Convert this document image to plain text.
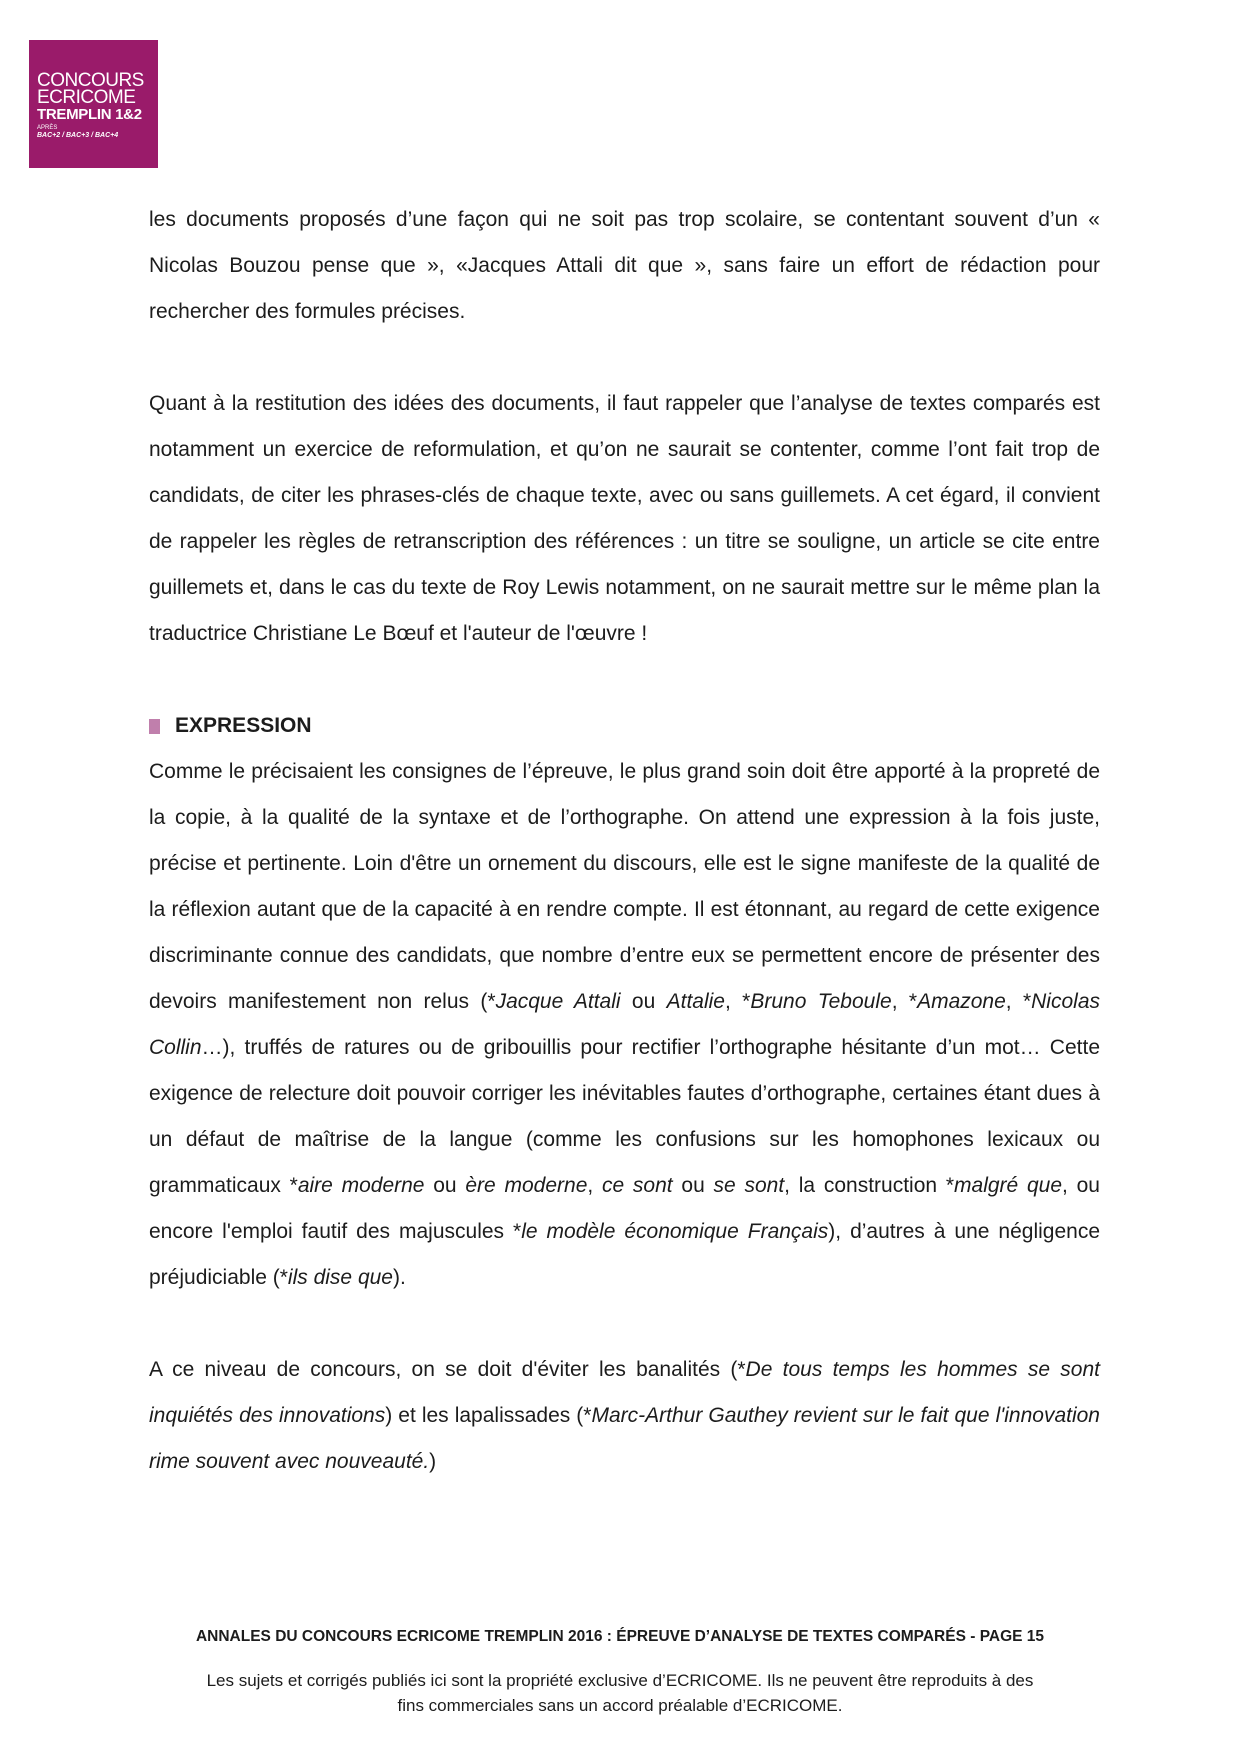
CONCOURS
ECRICOME
TREMPLIN 1&2
APRÈS
BAC+2 / BAC+3 / BAC+4

les documents proposés d’une façon qui ne soit pas trop scolaire, se contentant souvent d’un « Nicolas Bouzou pense que », «Jacques Attali dit que », sans faire un effort de rédaction pour rechercher des formules précises.

Quant à la restitution des idées des documents, il faut rappeler que l’analyse de textes comparés est notamment un exercice de reformulation, et qu’on ne saurait se contenter, comme l’ont fait trop de candidats, de citer les phrases-clés de chaque texte, avec ou sans guillemets. A cet égard, il convient de rappeler les règles de retranscription des références : un titre se souligne, un article se cite entre guillemets et, dans le cas du texte de Roy Lewis notamment, on ne saurait mettre sur le même plan la traductrice Christiane Le Bœuf et l'auteur de l'œuvre !

EXPRESSION

Comme le précisaient les consignes de l’épreuve, le plus grand soin doit être apporté à la propreté de la copie, à la qualité de la syntaxe et de l’orthographe. On attend une expression à la fois juste, précise et pertinente. Loin d'être un ornement du discours, elle est le signe manifeste de la qualité de la réflexion autant que de la capacité à en rendre compte. Il est étonnant, au regard de cette exigence discriminante connue des candidats, que nombre d’entre eux se permettent encore de présenter des devoirs manifestement non relus (*Jacque Attali ou Attalie, *Bruno Teboule, *Amazone, *Nicolas Collin…), truffés de ratures ou de gribouillis pour rectifier l’orthographe hésitante d’un mot… Cette exigence de relecture doit pouvoir corriger les inévitables fautes d’orthographe, certaines étant dues à un défaut de maîtrise de la langue (comme les confusions sur les homophones lexicaux ou grammaticaux *aire moderne ou ère moderne, ce sont ou se sont, la construction *malgré que, ou encore l'emploi fautif des majuscules *le modèle économique Français), d’autres à une négligence préjudiciable (*ils dise que).

A ce niveau de concours, on se doit d'éviter les banalités (*De tous temps les hommes se sont inquiétés des innovations) et les lapalissades (*Marc-Arthur Gauthey revient sur le fait que l'innovation rime souvent avec nouveauté.)

ANNALES DU CONCOURS ECRICOME TREMPLIN 2016 : ÉPREUVE D’ANALYSE DE TEXTES COMPARÉS - PAGE 15
Les sujets et corrigés publiés ici sont la propriété exclusive d’ECRICOME. Ils ne peuvent être reproduits à des
fins commerciales sans un accord préalable d’ECRICOME.
